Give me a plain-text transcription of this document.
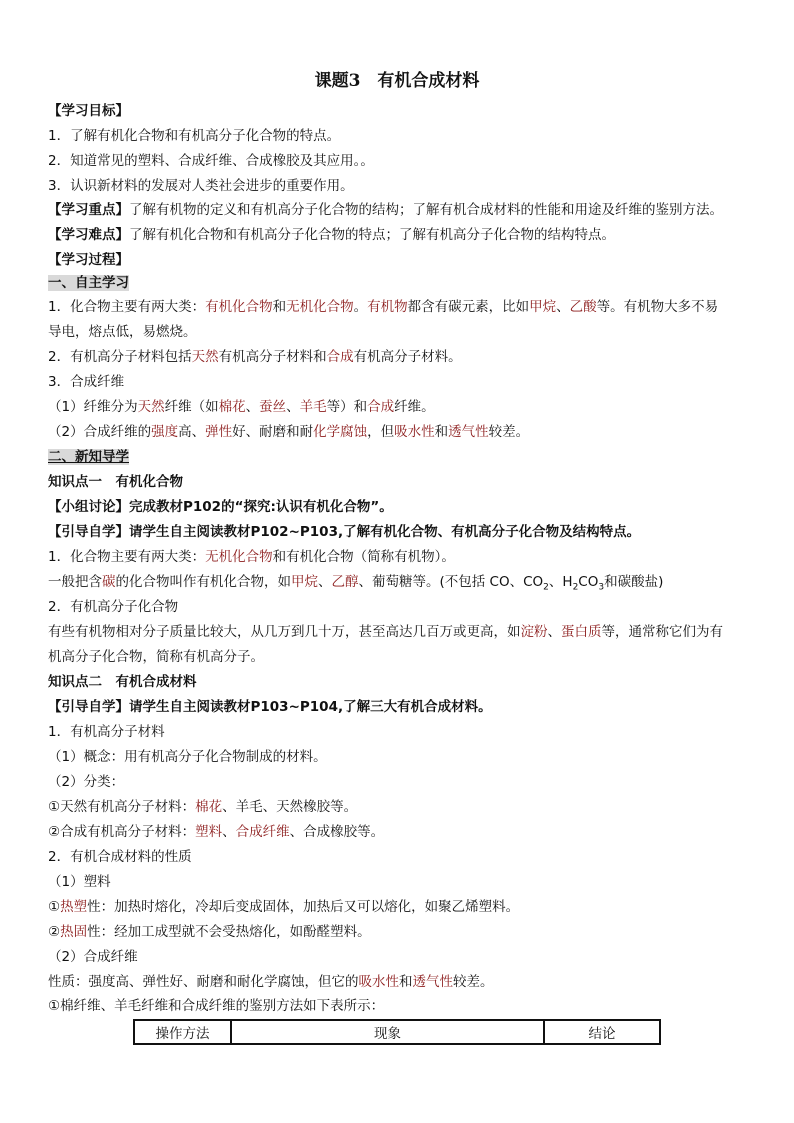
课题3　有机合成材料
【学习目标】
1．了解有机化合物和有机高分子化合物的特点。
2．知道常见的塑料、合成纤维、合成橡胶及其应用。。
3．认识新材料的发展对人类社会进步的重要作用。
【学习重点】了解有机物的定义和有机高分子化合物的结构；了解有机合成材料的性能和用途及纤维的鉴别方法。
【学习难点】了解有机化合物和有机高分子化合物的特点；了解有机高分子化合物的结构特点。
【学习过程】
一、自主学习
1．化合物主要有两大类：有机化合物和无机化合物。有机物都含有碳元素，比如甲烷、乙酸等。有机物大多不易
导电，熔点低，易燃烧。
2．有机高分子材料包括天然有机高分子材料和合成有机高分子材料。
3．合成纤维
（1）纤维分为天然纤维（如棉花、蚕丝、羊毛等）和合成纤维。
（2）合成纤维的强度高、弹性好、耐磨和耐化学腐蚀，但吸水性和透气性较差。
二、新知导学
知识点一　有机化合物
【小组讨论】完成教材P102的“探究:认识有机化合物”。
【引导自学】请学生自主阅读教材P102~P103,了解有机化合物、有机高分子化合物及结构特点。
1．化合物主要有两大类：无机化合物和有机化合物（简称有机物）。
一般把含碳的化合物叫作有机化合物，如甲烷、乙醇、葡萄糖等。(不包括 CO、$CO_2$、$H_2CO_3$和碳酸盐)
2．有机高分子化合物
有些有机物相对分子质量比较大，从几万到几十万，甚至高达几百万或更高，如淀粉、蛋白质等，通常称它们为有
机高分子化合物，简称有机高分子。
知识点二　有机合成材料
【引导自学】请学生自主阅读教材P103~P104,了解三大有机合成材料。
1．有机高分子材料
（1）概念：用有机高分子化合物制成的材料。
（2）分类：
①天然有机高分子材料：棉花、羊毛、天然橡胶等。
②合成有机高分子材料：塑料、合成纤维、合成橡胶等。
2．有机合成材料的性质
（1）塑料
①热塑性：加热时熔化，冷却后变成固体，加热后又可以熔化，如聚乙烯塑料。
②热固性：经加工成型就不会受热熔化，如酚醛塑料。
（2）合成纤维
性质：强度高、弹性好、耐磨和耐化学腐蚀，但它的吸水性和透气性较差。
①棉纤维、羊毛纤维和合成纤维的鉴别方法如下表所示：
操作方法	现象	结论
